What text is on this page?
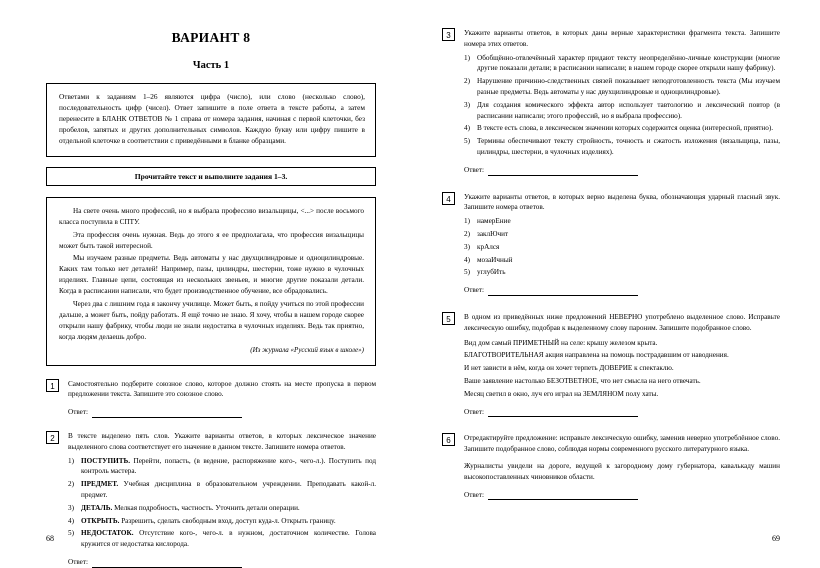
ВАРИАНТ 8
Часть 1
Ответами к заданиям 1–26 являются цифра (число), или слово (несколько слово), последовательность цифр (чисел). Ответ запишите в поле ответа в тексте работы, а затем перенесите в БЛАНК ОТВЕТОВ № 1 справа от номера задания, начиная с первой клеточки, без пробелов, запятых и других дополнительных символов. Каждую букву или цифру пишите в отдельной клеточке в соответствии с приведёнными в бланке образцами.
Прочитайте текст и выполните задания 1–3.

На свете очень много профессий, но я выбрала профессию визальщицы, <...> после восьмого класса поступила в СПТУ.

Эта профессия очень нужная. Ведь до этого я ее предполагала, что профессия визальщицы может быть такой интересной.

Мы изучаем разные предметы. Ведь автоматы у нас двухцилиндровые и одноцилиндровые. Каких там только нет деталей! Например, пазы, цилиндры, шестерни, тоже нужно в чулочных изделиях. Главные цепи, состоящая из нескольких звеньев, и многие другие показали детали. Когда в расписании написали, что будет производственное обучение, все обрадовались.

Через два с лишним года я закончу училище. Может быть, я пойду учиться по этой профессии дальше, а может быть, пойду работать. Я ещё точно не знаю. Я хочу, чтобы в нашем городе скорее открыли нашу фабрику, чтобы люди не знали недостатка в чулочных изделиях. Ведь так приятно, когда людям делаешь добро.

(Из журнала «Русский язык в школе»)

1	Самостоятельно подберите союзное слово, которое должно стоять на месте пропуска в первом предложении текста. Запишите это союзное слово.

Ответ:
2	В тексте выделено пять слов. Укажите варианты ответов, в которых лексическое значение выделенного слова соответствует его значение в данном тексте. Запишите номера ответов.

1) ПОСТУПИТЬ. Перейти, попасть, (в ведение, распоряжение кого-, чего-л.). Поступить под контроль мастера.
2) ПРЕДМЕТ. Учебная дисциплина в образовательном учреждении. Преподавать какой-л. предмет.
3) ДЕТАЛЬ. Мелкая подробность, частность. Уточнить детали операции.
4) ОТКРЫТЬ. Разрешить, сделать свободным вход, доступ куда-л. Открыть границу.
5) НЕДОСТАТОК. Отсутствие кого-, чего-л. в нужном, достаточном количестве. Голова кружится от недостатка кислорода.
Ответ:
68
3	Укажите варианты ответов, в которых даны верные характеристики фрагмента текста. Запишите номера этих ответов.

1) Обобщённо-отвлечённый характер придают тексту неопределённо-личные конструкции (многие другие показали детали; в расписании написали; в нашем городе скорее открыли нашу фабрику).
2) Нарушение причинно-следственных связей показывает неподготовленность текста (Мы изучаем разные предметы. Ведь автоматы у нас двухцилиндровые и одноцилиндровые).
3) Для создания комического эффекта автор использует тавтологию и лексический повтор (в расписании написали; этого профессий, но я выбрала профессию).
4) В тексте есть слова, в лексическом значении которых содержится оценка (интересной, приятно).
5) Термины обеспечивают тексту стройность, точность и сжатость изложения (вязальщица, пазы, цилиндры, шестерни, в чулочных изделиях).
Ответ:
4	Укажите варианты ответов, в которых верно выделена буква, обозначающая ударный гласный звук. Запишите номера ответов.

1) намерЕние
2) заклЮчит
3) крАлся
4) мозаИчный
5) углубИть
Ответ:
5	В одном из приведённых ниже предложений НЕВЕРНО употреблено выделенное слово. Исправьте лексическую ошибку, подобрав к выделенному слову пароним. Запишите подобранное слово.

Вид дом самый ПРИМЕТНЫЙ на селе: крышу железом крыта.

БЛАГОТВОРИТЕЛЬНАЯ акция направлена на помощь пострадавшим от наводнения.

И нет зависти в нём, когда он хочет терпеть ДОВЕРИЕ к спектаклю.

Ваше заявление настолько БЕЗОТВЕТНОЕ, что нет смысла на него отвечать.

Месяц светил в окно, луч его играл на ЗЕМЛЯНОМ полу хаты.

Ответ:
6	Отредактируйте предложение: исправьте лексическую ошибку, заменив неверно употреблённое слово. Запишите подобранное слово, соблюдая нормы современного русского литературного языка.

Журналисты увидели на дороге, ведущей к загородному дому губернатора, кавалькаду машин высокопоставленных чиновников области.

Ответ:
69
